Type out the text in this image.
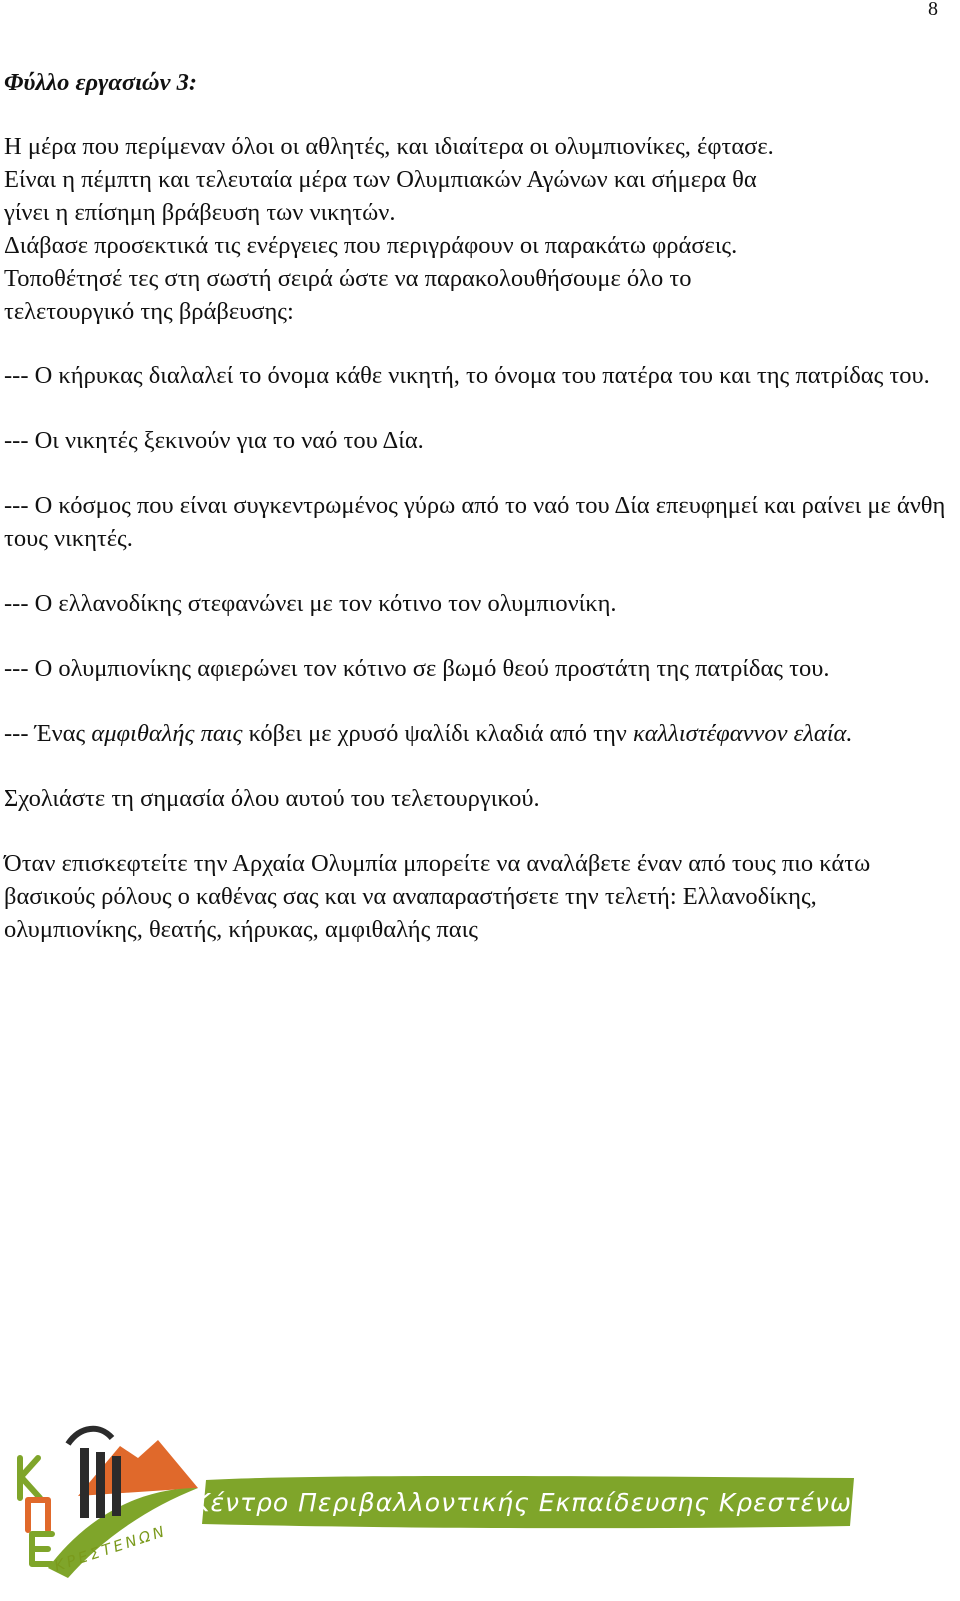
8

Φύλλο εργασιών 3:

Η μέρα που περίμεναν όλοι οι αθλητές, και ιδιαίτερα οι ολυμπιονίκες, έφτασε.
Είναι η πέμπτη και τελευταία μέρα των Ολυμπιακών Αγώνων και σήμερα θα
γίνει η επίσημη βράβευση των νικητών.
Διάβασε προσεκτικά τις ενέργειες που περιγράφουν οι παρακάτω φράσεις.
Τοποθέτησέ τες στη σωστή σειρά ώστε να παρακολουθήσουμε όλο το
τελετουργικό της βράβευσης:

--- Ο κήρυκας διαλαλεί το όνομα κάθε νικητή, το όνομα του πατέρα του και της πατρίδας του.

--- Οι νικητές ξεκινούν για το ναό του Δία.

--- Ο κόσμος που είναι συγκεντρωμένος γύρω από το ναό του Δία επευφημεί και ραίνει με άνθη τους νικητές.

--- Ο ελλανοδίκης στεφανώνει με τον κότινο τον ολυμπιονίκη.

--- Ο ολυμπιονίκης αφιερώνει τον κότινο σε βωμό θεού προστάτη της πατρίδας του.

--- Ένας αμφιθαλής παις κόβει με χρυσό ψαλίδι κλαδιά από την καλλιστέφαννον ελαία.

Σχολιάστε τη σημασία όλου αυτού του τελετουργικού.

Όταν επισκεφτείτε την Αρχαία Ολυμπία μπορείτε να αναλάβετε έναν από τους πιο κάτω βασικούς ρόλους ο καθένας σας και να αναπαραστήσετε την τελετή: Ελλανοδίκης, ολυμπιονίκης, θεατής, κήρυκας, αμφιθαλής παις

ΚΡΕΣΤΕΝΩΝ
Κέντρο Περιβαλλοντικής Εκπαίδευσης Κρεστένων
